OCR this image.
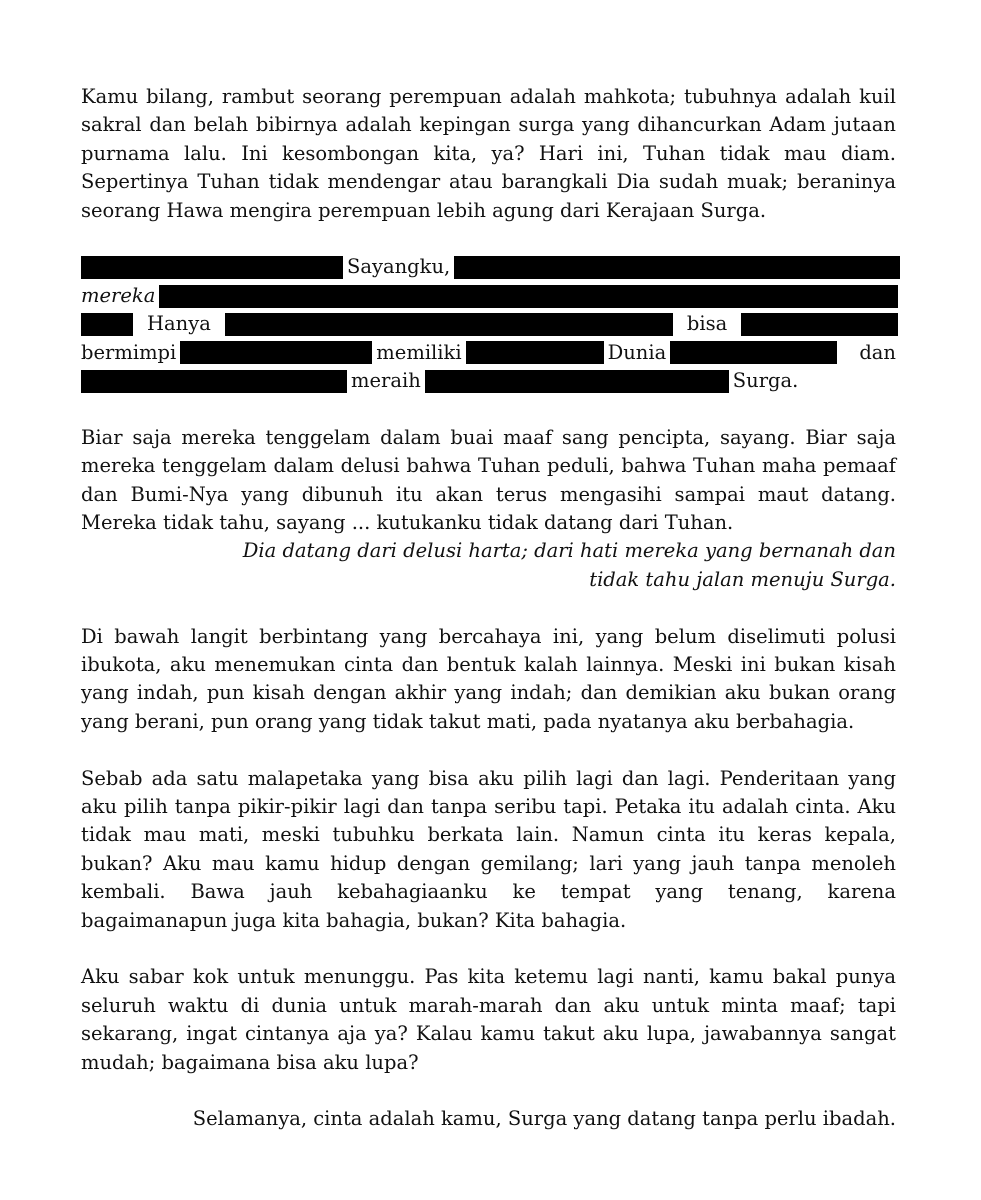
Kamu bilang, rambut seorang perempuan adalah mahkota; tubuhnya adalah kuil sakral dan belah bibirnya adalah kepingan surga yang dihancurkan Adam jutaan purnama lalu. Ini kesombongan kita, ya? Hari ini, Tuhan tidak mau diam. Sepertinya Tuhan tidak mendengar atau barangkali Dia sudah muak; beraninya seorang Hawa mengira perempuan lebih agung dari Kerajaan Surga.

Sayangku,
mereka
Hanya	bisa
bermimpi	memiliki	Dunia	dan
meraih	Surga.

Biar saja mereka tenggelam dalam buai maaf sang pencipta, sayang. Biar saja mereka tenggelam dalam delusi bahwa Tuhan peduli, bahwa Tuhan maha pemaaf dan Bumi-Nya yang dibunuh itu akan terus mengasihi sampai maut datang. Mereka tidak tahu, sayang ... kutukanku tidak datang dari Tuhan.

Dia datang dari delusi harta; dari hati mereka yang bernanah dan tidak tahu jalan menuju Surga.

Di bawah langit berbintang yang bercahaya ini, yang belum diselimuti polusi ibukota, aku menemukan cinta dan bentuk kalah lainnya. Meski ini bukan kisah yang indah, pun kisah dengan akhir yang indah; dan demikian aku bukan orang yang berani, pun orang yang tidak takut mati, pada nyatanya aku berbahagia.

Sebab ada satu malapetaka yang bisa aku pilih lagi dan lagi. Penderitaan yang aku pilih tanpa pikir-pikir lagi dan tanpa seribu tapi. Petaka itu adalah cinta. Aku tidak mau mati, meski tubuhku berkata lain. Namun cinta itu keras kepala, bukan? Aku mau kamu hidup dengan gemilang; lari yang jauh tanpa menoleh kembali. Bawa jauh kebahagiaanku ke tempat yang tenang, karena bagaimanapun juga kita bahagia, bukan? Kita bahagia.

Aku sabar kok untuk menunggu. Pas kita ketemu lagi nanti, kamu bakal punya seluruh waktu di dunia untuk marah-marah dan aku untuk minta maaf; tapi sekarang, ingat cintanya aja ya? Kalau kamu takut aku lupa, jawabannya sangat mudah; bagaimana bisa aku lupa?

Selamanya, cinta adalah kamu, Surga yang datang tanpa perlu ibadah.
